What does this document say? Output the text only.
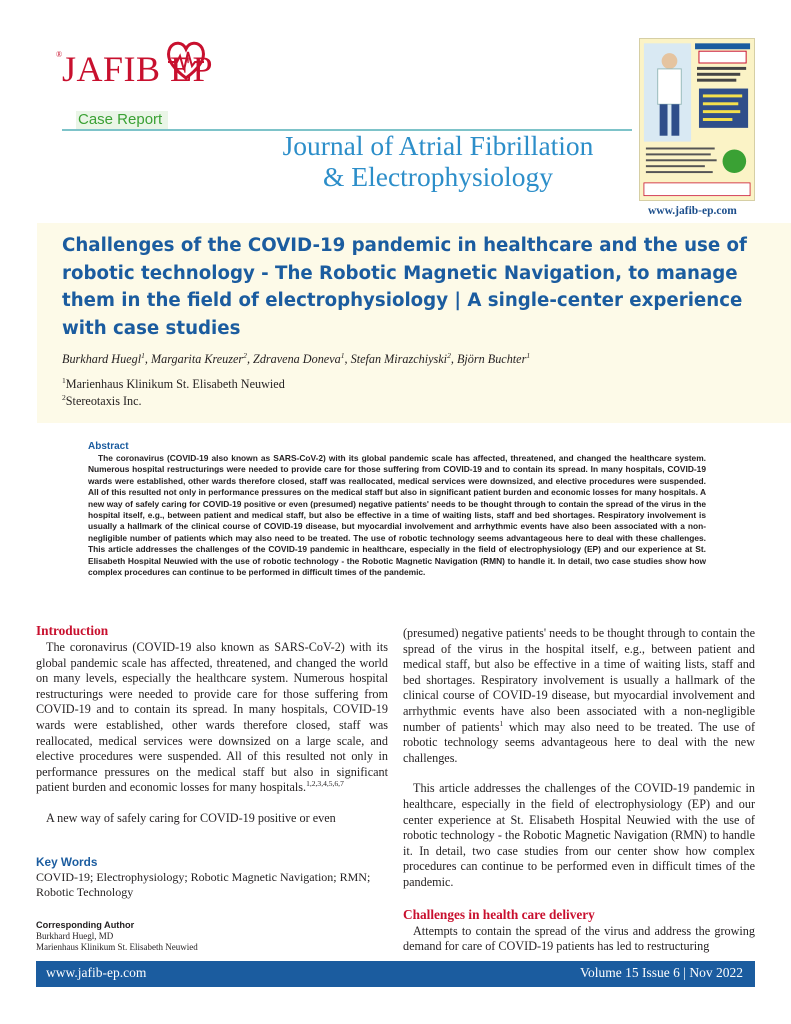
® JAFIB EP
Case Report
Journal of Atrial Fibrillation
& Electrophysiology
www.jafib-ep.com
Challenges of the COVID-19 pandemic in healthcare and the use of robotic technology - The Robotic Magnetic Navigation, to manage them in the field of electrophysiology | A single-center experience with case studies
Burkhard Huegl$^1$, Margarita Kreuzer$^2$, Zdravena Doneva$^1$, Stefan Mirazchiyski$^2$, Björn Buchter$^1$
$^1$Marienhaus Klinikum St. Elisabeth Neuwied
$^2$Stereotaxis Inc.
Abstract

The coronavirus (COVID-19 also known as SARS-CoV-2) with its global pandemic scale has affected, threatened, and changed the healthcare system. Numerous hospital restructurings were needed to provide care for those suffering from COVID-19 and to contain its spread. In many hospitals, COVID-19 wards were established, other wards therefore closed, staff was reallocated, medical services were downsized, and elective procedures were suspended. All of this resulted not only in performance pressures on the medical staff but also in significant patient burden and economic losses for many hospitals. A new way of safely caring for COVID-19 positive or even (presumed) negative patients' needs to be thought through to contain the spread of the virus in the hospital itself, e.g., between patient and medical staff, but also be effective in a time of waiting lists, staff and bed shortages. Respiratory involvement is usually a hallmark of the clinical course of COVID-19 disease, but myocardial involvement and arrhythmic events have also been associated with a non-negligible number of patients which may also need to be treated. The use of robotic technology seems advantageous here to deal with these challenges. This article addresses the challenges of the COVID-19 pandemic in healthcare, especially in the field of electrophysiology (EP) and our experience at St. Elisabeth Hospital Neuwied with the use of robotic technology - the Robotic Magnetic Navigation (RMN) to handle it. In detail, two case studies show how complex procedures can continue to be performed in difficult times of the pandemic.

Introduction

The coronavirus (COVID-19 also known as SARS-CoV-2) with its global pandemic scale has affected, threatened, and changed the world on many levels, especially the healthcare system. Numerous hospital restructurings were needed to provide care for those suffering from COVID-19 and to contain its spread. In many hospitals, COVID-19 wards were established, other wards therefore closed, staff was reallocated, medical services were downsized on a large scale, and elective procedures were suspended. All of this resulted not only in performance pressures on the medical staff but also in significant patient burden and economic losses for many hospitals.$^{1,2,3,4,5,6,7}$

A new way of safely caring for COVID-19 positive or even

Key Words
COVID-19; Electrophysiology; Robotic Magnetic Navigation; RMN; Robotic Technology
Corresponding Author
Burkhard Huegl, MD
Marienhaus Klinikum St. Elisabeth Neuwied

(presumed) negative patients' needs to be thought through to contain the spread of the virus in the hospital itself, e.g., between patient and medical staff, but also be effective in a time of waiting lists, staff and bed shortages. Respiratory involvement is usually a hallmark of the clinical course of COVID-19 disease, but myocardial involvement and arrhythmic events have also been associated with a non-negligible number of patients$^1$ which may also need to be treated. The use of robotic technology seems advantageous here to deal with the new challenges.

This article addresses the challenges of the COVID-19 pandemic in healthcare, especially in the field of electrophysiology (EP) and our center experience at St. Elisabeth Hospital Neuwied with the use of robotic technology - the Robotic Magnetic Navigation (RMN) to handle it. In detail, two case studies from our center show how complex procedures can continue to be performed even in difficult times of the pandemic.

Challenges in health care delivery

Attempts to contain the spread of the virus and address the growing demand for care of COVID-19 patients has led to restructuring

www.jafib-ep.com	Volume 15 Issue 6 | Nov 2022
